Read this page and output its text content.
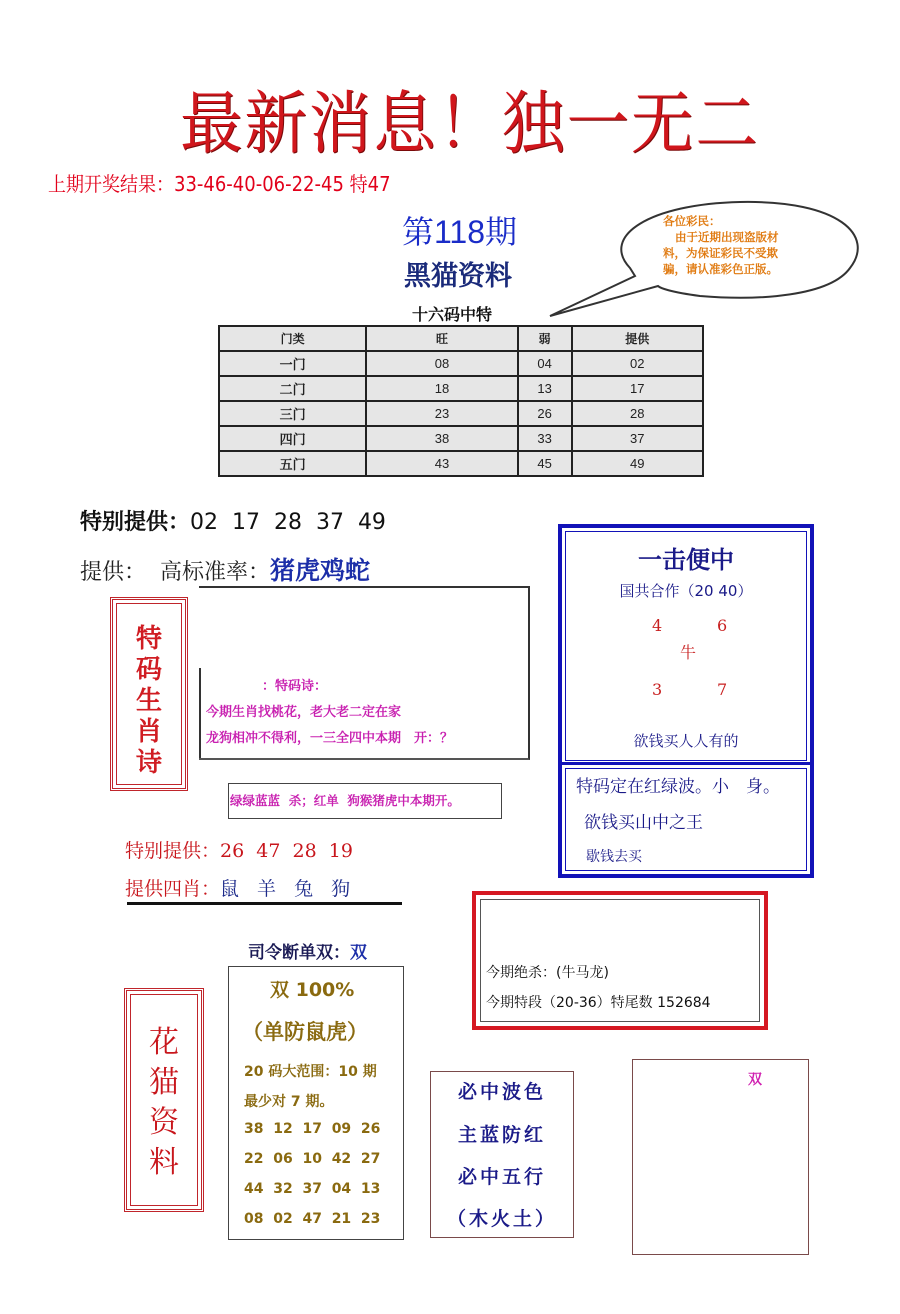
最新消息！独一无二
上期开奖结果：33-46-40-06-22-45 特47
第118期
黑猫资料
十六码中特
各位彩民：
由于近期出现盗版材
料，为保证彩民不受欺
骗，请认准彩色正版。
门类	旺	弱	提供
一门	08	04	02
二门	18	13	17
三门	23	26	28
四门	38	33	37
五门	43	45	49
特别提供：02  17  28  37  49
提供：  高标准率：猪虎鸡蛇
特
码
生
肖
诗
：特码诗：
今期生肖找桃花，老大老二定在家
龙狗相冲不得利，一三全四中本期　开：？
绿绿蓝蓝  杀；红单  狗猴猪虎中本期开。
特别提供：26  47  28  19
提供四肖：鼠 羊 兔 狗
一击便中
国共合作（20 40）
4	6
牛
3	7
欲钱买人人有的
特码定在红绿波。小　身。
欲钱买山中之王
歇钱去买
司令断单双：双
今期绝杀：(牛马龙)
今期特段（20-36）特尾数 152684
双 100%
（单防鼠虎）
20 码大范围：10 期
最少对 7 期。
38  12  17  09  26
22  06  10  42  27
44  32  37  04  13
08  02  47  21  23
花
猫
资
料
必中波色
主蓝防红
必中五行
（木火土）
双
